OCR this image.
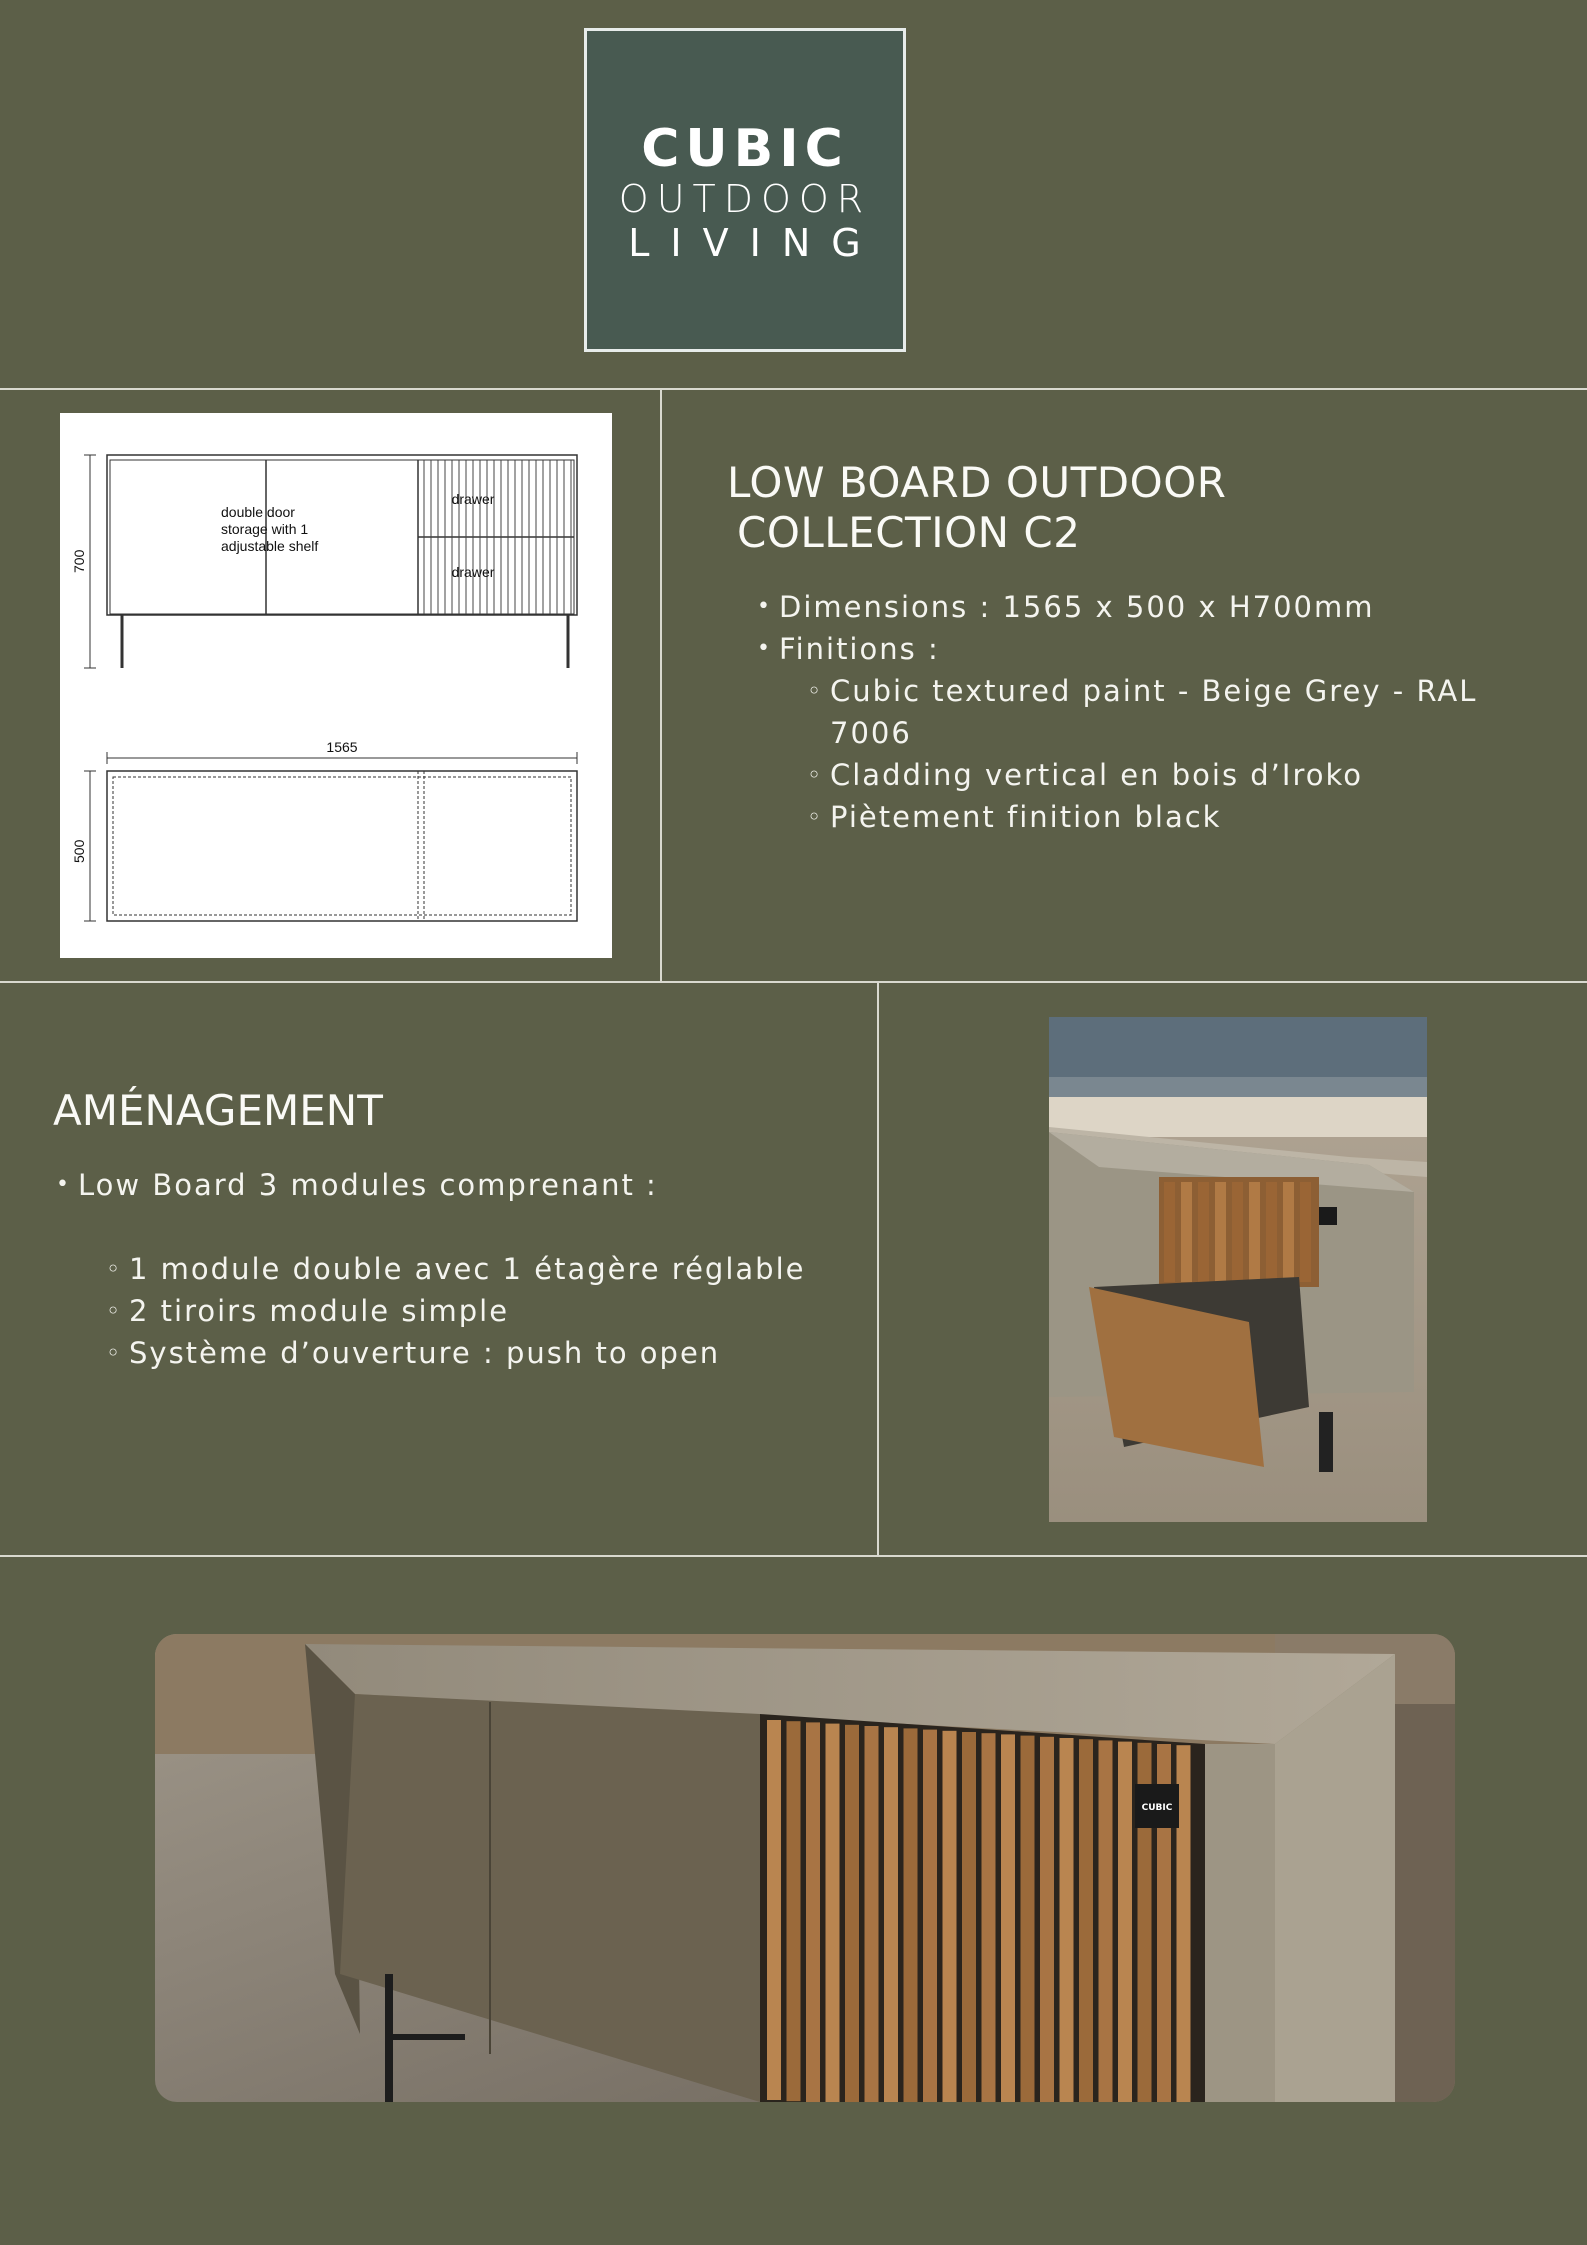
CUBIC
OUTDOOR
LIVING
double door
storage with 1
adjustable shelf
drawer
drawer
1565
700
500
LOW BOARD OUTDOOR
COLLECTION C2
• Dimensions : 1565 x 500 x H700mm
• Finitions :
◦ Cubic textured paint - Beige Grey - RAL 7006
◦ Cladding vertical en bois d’Iroko
◦ Piètement finition black
AMÉNAGEMENT
• Low Board 3 modules comprenant :
◦ 1 module double avec 1 étagère réglable
◦ 2 tiroirs module simple
◦ Système d’ouverture : push to open
CUBIC
